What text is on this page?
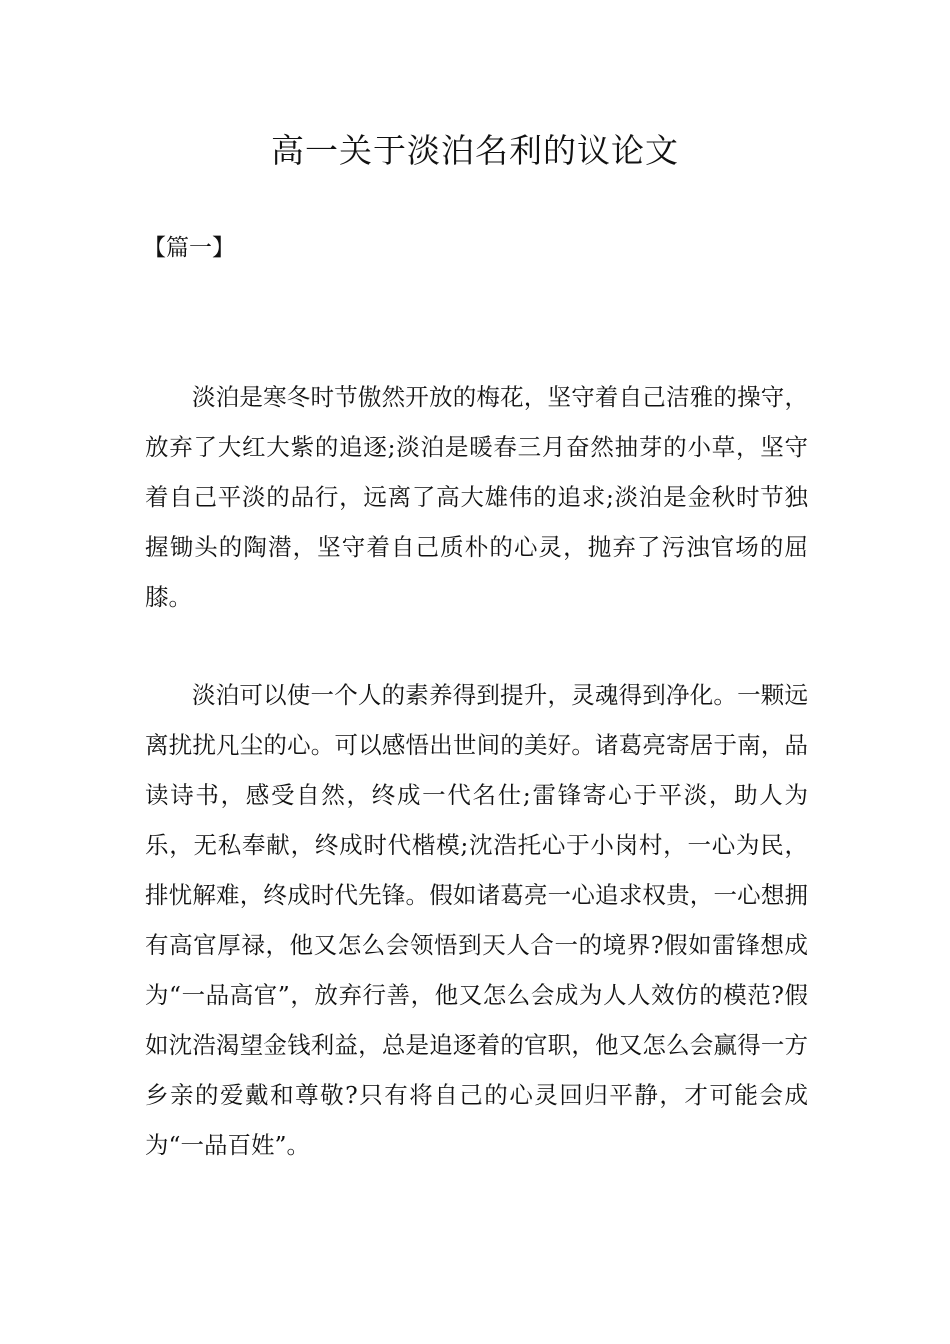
高一关于淡泊名利的议论文

【篇一】

淡泊是寒冬时节傲然开放的梅花，坚守着自己洁雅的操守，放弃了大红大紫的追逐;淡泊是暖春三月奋然抽芽的小草，坚守着自己平淡的品行，远离了高大雄伟的追求;淡泊是金秋时节独握锄头的陶潜，坚守着自己质朴的心灵，抛弃了污浊官场的屈膝。

淡泊可以使一个人的素养得到提升，灵魂得到净化。一颗远离扰扰凡尘的心。可以感悟出世间的美好。诸葛亮寄居于南，品读诗书，感受自然，终成一代名仕;雷锋寄心于平淡，助人为乐，无私奉献，终成时代楷模;沈浩托心于小岗村，一心为民，排忧解难，终成时代先锋。假如诸葛亮一心追求权贵，一心想拥有高官厚禄，他又怎么会领悟到天人合一的境界?假如雷锋想成为“一品高官”，放弃行善，他又怎么会成为人人效仿的模范?假如沈浩渴望金钱利益，总是追逐着的官职，他又怎么会赢得一方乡亲的爱戴和尊敬?只有将自己的心灵回归平静，才可能会成为“一品百姓”。
